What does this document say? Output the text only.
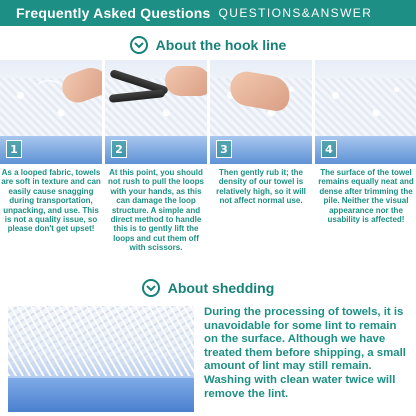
Frequently Asked Questions QUESTIONS&ANSWER
About the hook line
1	2	3	4
As a looped fabric, towels are soft in texture and can easily cause snagging during transportation, unpacking, and use. This is not a quality issue, so please don't get upset!
At this point, you should not rush to pull the loops with your hands, as this can damage the loop structure. A simple and direct method to handle this is to gently lift the loops and cut them off with scissors.
Then gently rub it; the density of our towel is relatively high, so it will not affect normal use.
The surface of the towel remains equally neat and dense after trimming the pile. Neither the visual appearance nor the usability is affected!
About shedding
During the processing of towels, it is unavoidable for some lint to remain on the surface. Although we have treated them before shipping, a small amount of lint may still remain. Washing with clean water twice will remove the lint.
